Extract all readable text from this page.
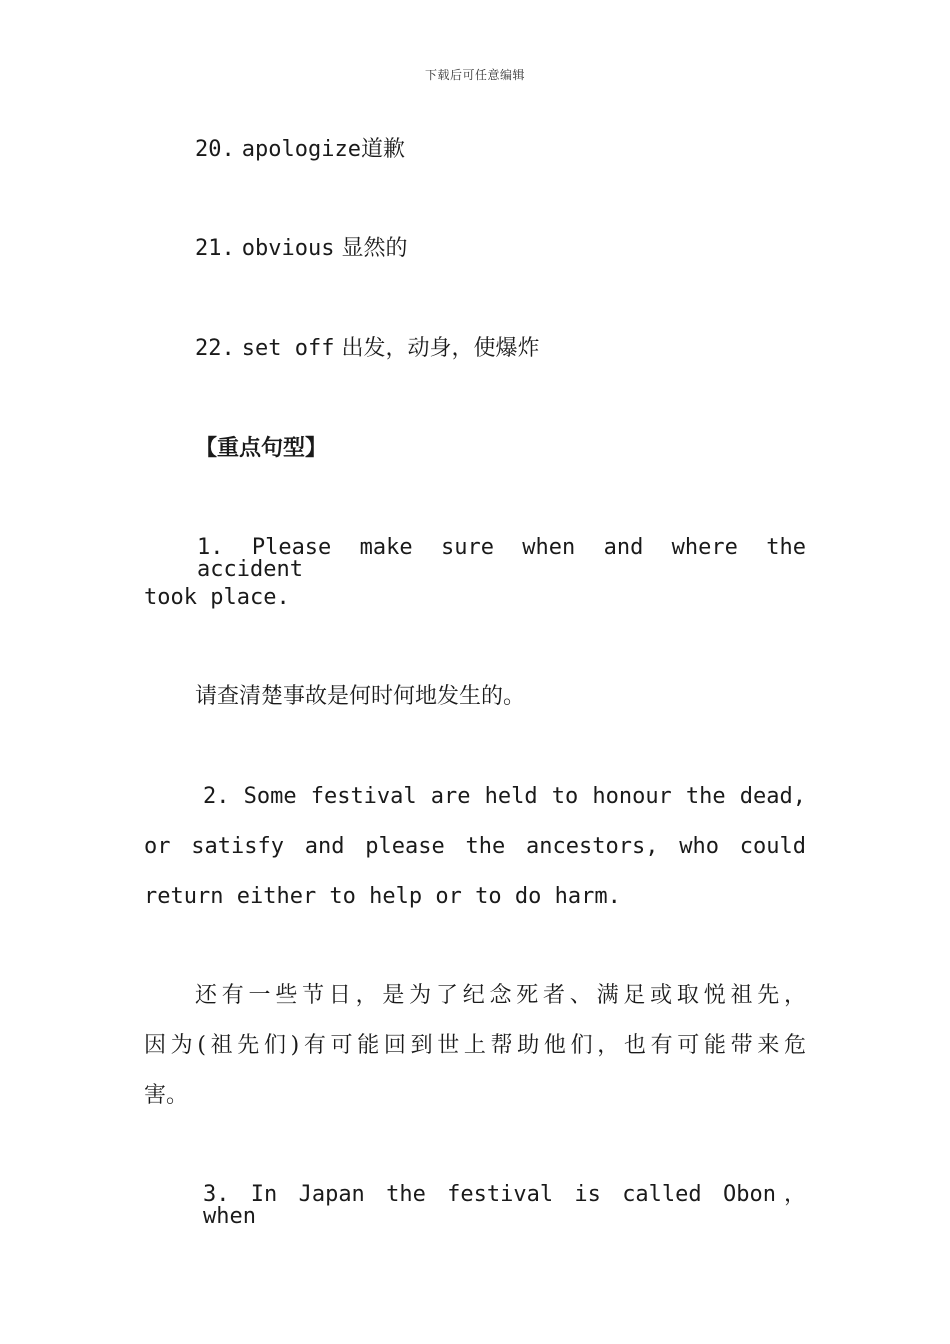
下载后可任意编辑
20. apologize道歉
21. obvious 显然的
22. set off 出发，动身，使爆炸
【重点句型】
1. Please make sure when and where the accident
took place.
请查清楚事故是何时何地发生的。
2. Some festival are held to honour the dead,
or satisfy and please the ancestors, who could
return either to help or to do harm.
还有一些节日，是为了纪念死者、满足或取悦祖先，
因为(祖先们)有可能回到世上帮助他们，也有可能带来危
害。
3. In Japan the festival is called Obon， when
